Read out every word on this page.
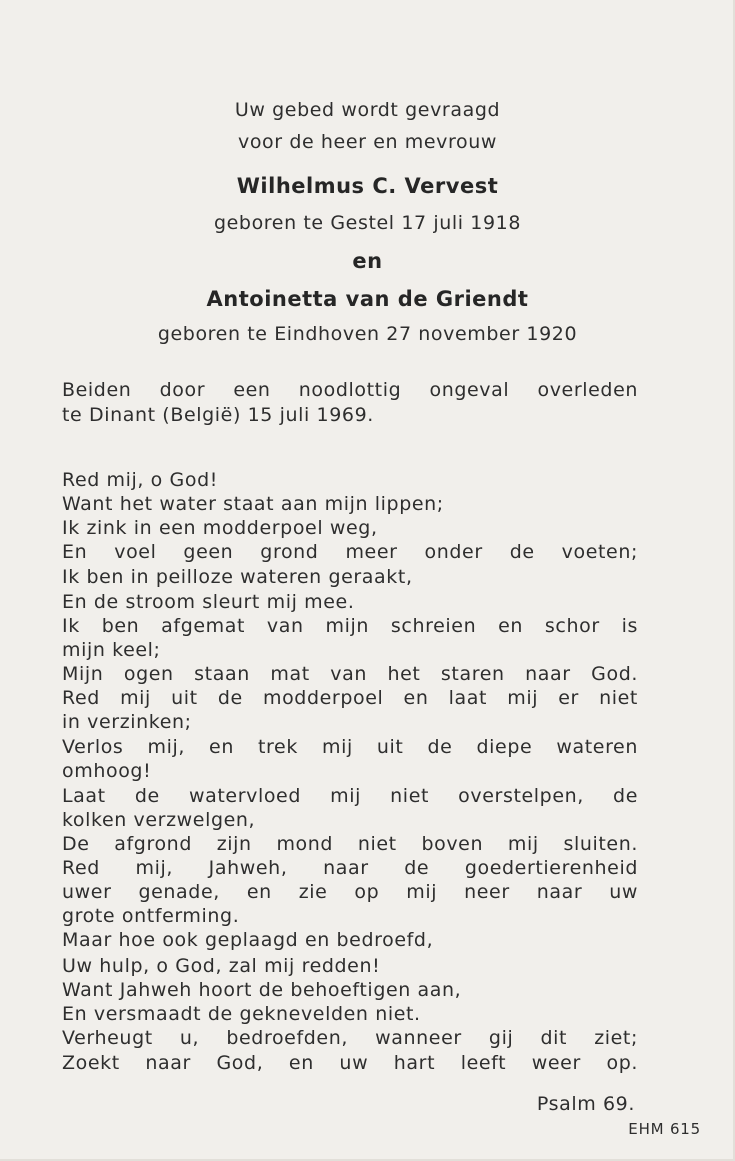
Uw gebed wordt gevraagd
voor de heer en mevrouw
Wilhelmus C. Vervest
geboren te Gestel 17 juli 1918
en
Antoinetta van de Griendt
geboren te Eindhoven 27 november 1920
Beiden door een noodlottig ongeval overleden
te Dinant (België) 15 juli 1969.
Red mij, o God!
Want het water staat aan mijn lippen;
Ik zink in een modderpoel weg,
En voel geen grond meer onder de voeten;
Ik ben in peilloze wateren geraakt,
En de stroom sleurt mij mee.
Ik ben afgemat van mijn schreien en schor is
mijn keel;
Mijn ogen staan mat van het staren naar God.
Red mij uit de modderpoel en laat mij er niet
in verzinken;
Verlos mij, en trek mij uit de diepe wateren
omhoog!
Laat de watervloed mij niet overstelpen, de
kolken verzwelgen,
De afgrond zijn mond niet boven mij sluiten.
Red mij, Jahweh, naar de goedertierenheid
uwer genade, en zie op mij neer naar uw
grote ontferming.
Maar hoe ook geplaagd en bedroefd,
Uw hulp, o God, zal mij redden!
Want Jahweh hoort de behoeftigen aan,
En versmaadt de geknevelden niet.
Verheugt u, bedroefden, wanneer gij dit ziet;
Zoekt naar God, en uw hart leeft weer op.
Psalm 69.
EHM 615
